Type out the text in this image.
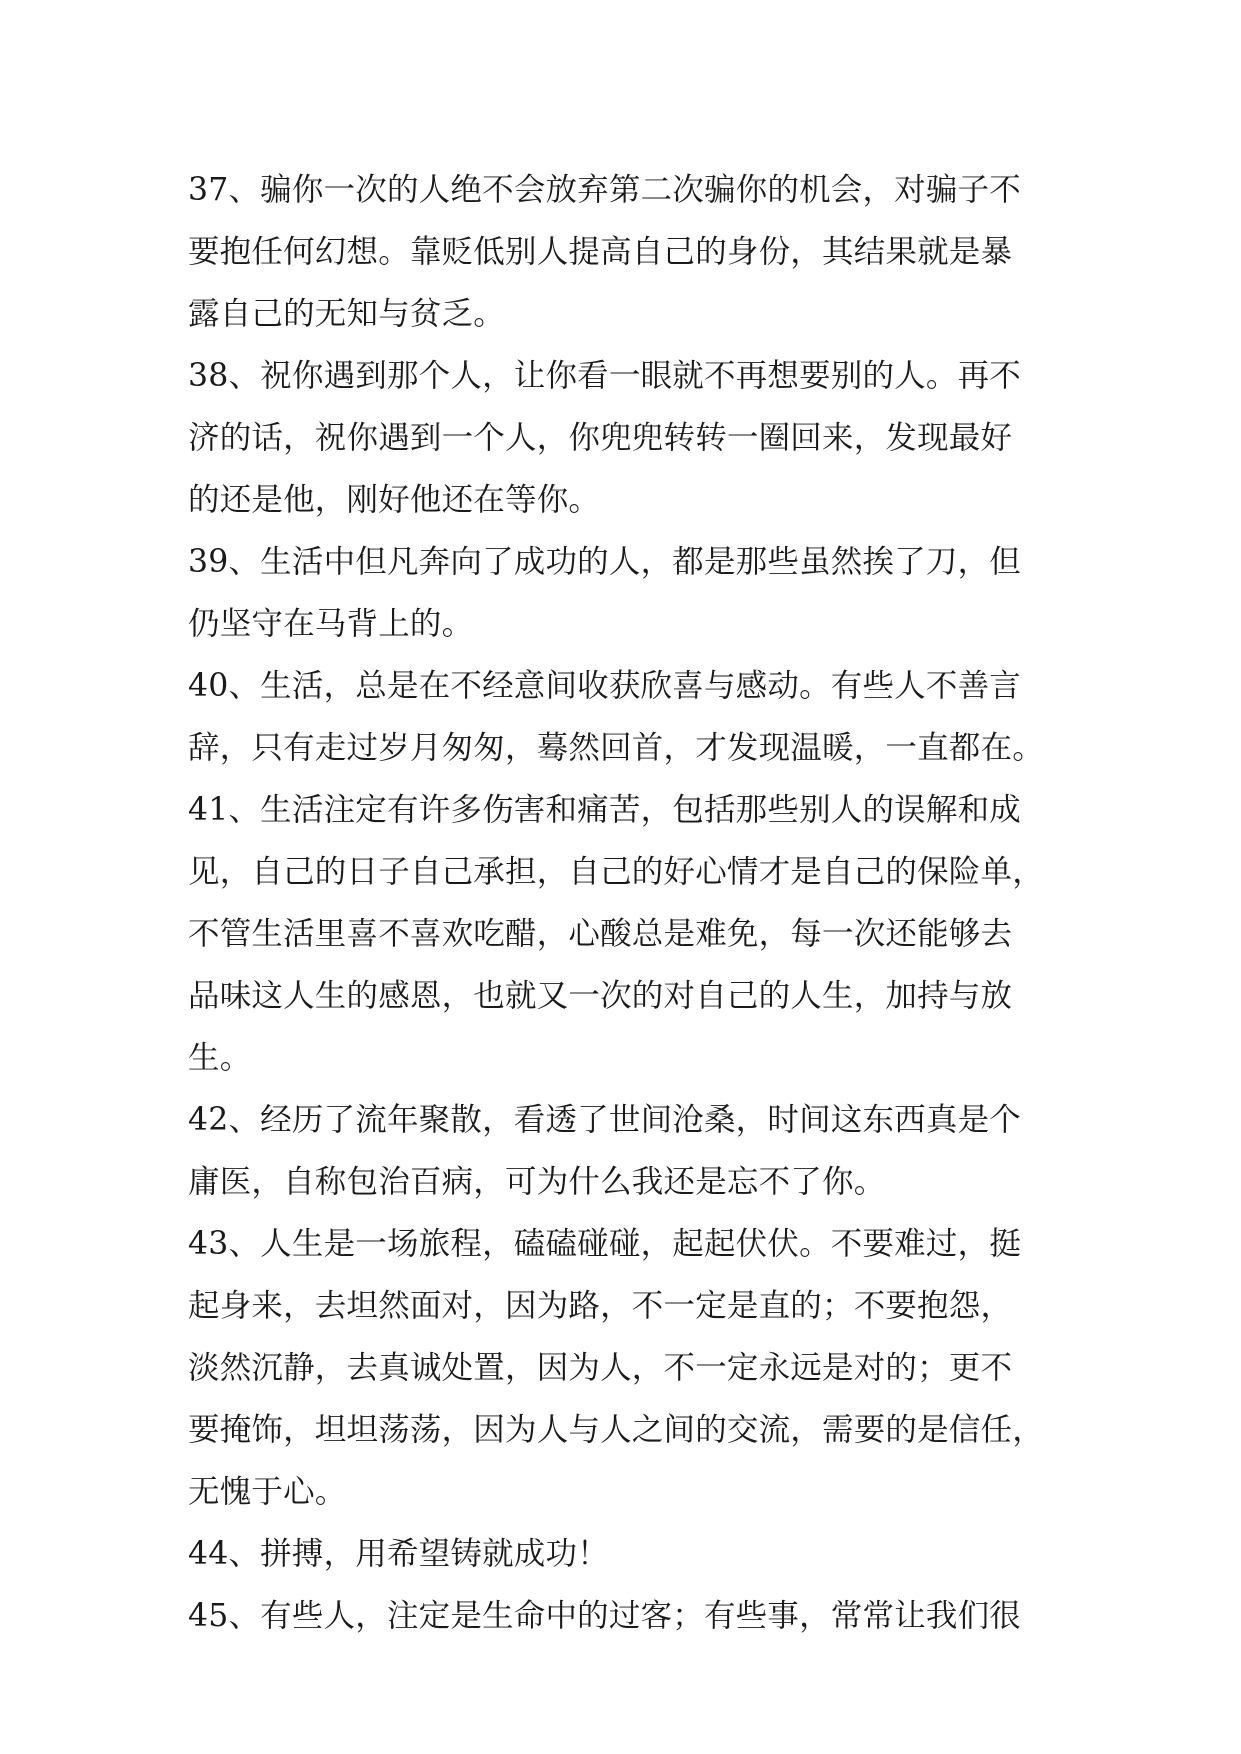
37、骗你一次的人绝不会放弃第二次骗你的机会，对骗子不
要抱任何幻想。靠贬低别人提高自己的身份，其结果就是暴
露自己的无知与贫乏。
38、祝你遇到那个人，让你看一眼就不再想要别的人。再不
济的话，祝你遇到一个人，你兜兜转转一圈回来，发现最好
的还是他，刚好他还在等你。
39、生活中但凡奔向了成功的人，都是那些虽然挨了刀，但
仍坚守在马背上的。
40、生活，总是在不经意间收获欣喜与感动。有些人不善言
辞，只有走过岁月匆匆，蓦然回首，才发现温暖，一直都在。
41、生活注定有许多伤害和痛苦，包括那些别人的误解和成
见，自己的日子自己承担，自己的好心情才是自己的保险单，
不管生活里喜不喜欢吃醋，心酸总是难免，每一次还能够去
品味这人生的感恩，也就又一次的对自己的人生，加持与放
生。
42、经历了流年聚散，看透了世间沧桑，时间这东西真是个
庸医，自称包治百病，可为什么我还是忘不了你。
43、人生是一场旅程，磕磕碰碰，起起伏伏。不要难过，挺
起身来，去坦然面对，因为路，不一定是直的；不要抱怨，
淡然沉静，去真诚处置，因为人，不一定永远是对的；更不
要掩饰，坦坦荡荡，因为人与人之间的交流，需要的是信任，
无愧于心。
44、拼搏，用希望铸就成功！
45、有些人，注定是生命中的过客；有些事，常常让我们很
